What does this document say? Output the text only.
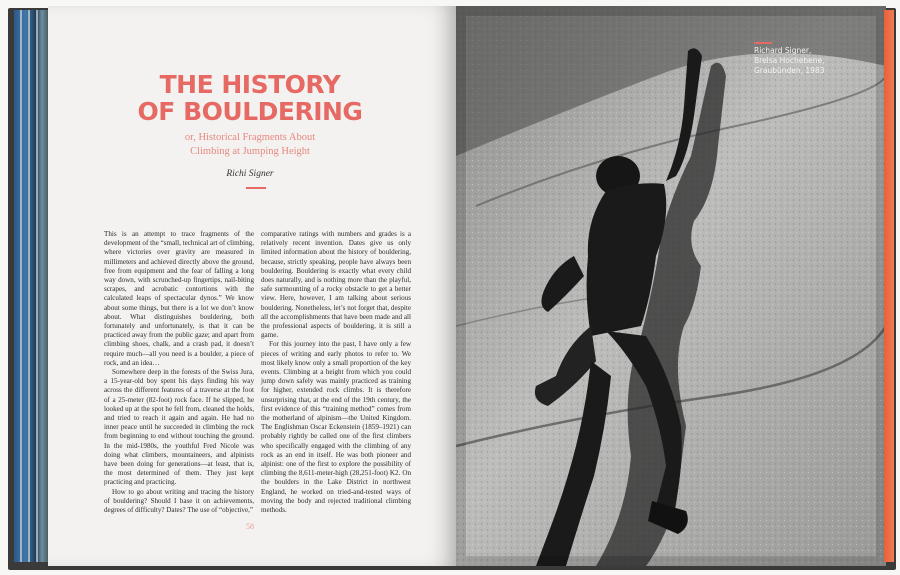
THE HISTORY
OF BOULDERING
or, Historical Fragments About
Climbing at Jumping Height
Richi Signer

This is an attempt to trace fragments of the development of the “small, technical art of climbing, where victories over gravity are measured in millimeters and achieved directly above the ground, free from equipment and the fear of falling a long way down, with scrunched-up fingertips, nail-biting scrapes, and acrobatic contortions with the calculated leaps of spectacular dynos.” We know about some things, but there is a lot we don’t know about. What distinguishes bouldering, both fortunately and unfortunately, is that it can be practiced away from the public gaze; and apart from climbing shoes, chalk, and a crash pad, it doesn’t require much—all you need is a boulder, a piece of rock, and an idea…

Somewhere deep in the forests of the Swiss Jura, a 15-year-old boy spent his days finding his way across the different features of a traverse at the foot of a 25-meter (82-foot) rock face. If he slipped, he looked up at the spot he fell from, cleaned the holds, and tried to reach it again and again. He had no inner peace until he succeeded in climbing the rock from beginning to end without touching the ground. In the mid-1980s, the youthful Fred Nicole was doing what climbers, mountaineers, and alpinists have been doing for generations—at least, that is, the most determined of them. They just kept practicing and practicing.

How to go about writing and tracing the history of bouldering? Should I base it on achievements, degrees of difficulty? Dates? The use of “objective,”

comparative ratings with numbers and grades is a relatively recent invention. Dates give us only limited information about the history of bouldering, because, strictly speaking, people have always been bouldering. Bouldering is exactly what every child does naturally, and is nothing more than the playful, safe surmounting of a rocky obstacle to get a better view. Here, however, I am talking about serious bouldering. Nonetheless, let’s not forget that, despite all the accomplishments that have been made and all the professional aspects of bouldering, it is still a game.

For this journey into the past, I have only a few pieces of writing and early photos to refer to. We most likely know only a small proportion of the key events. Climbing at a height from which you could jump down safely was mainly practiced as training for higher, extended rock climbs. It is therefore unsurprising that, at the end of the 19th century, the first evidence of this “training method” comes from the motherland of alpinism—the United Kingdom. The Englishman Oscar Eckenstein (1859–1921) can probably rightly be called one of the first climbers who specifically engaged with the climbing of any rock as an end in itself. He was both pioneer and alpinist: one of the first to explore the possibility of climbing the 8,611-meter-high (28,251-foot) K2. On the boulders in the Lake District in northwest England, he worked on tried-and-tested ways of moving the body and rejected traditional climbing methods.

58
Richard Signer,
Brelsa Hochebene,
Graubünden, 1983
